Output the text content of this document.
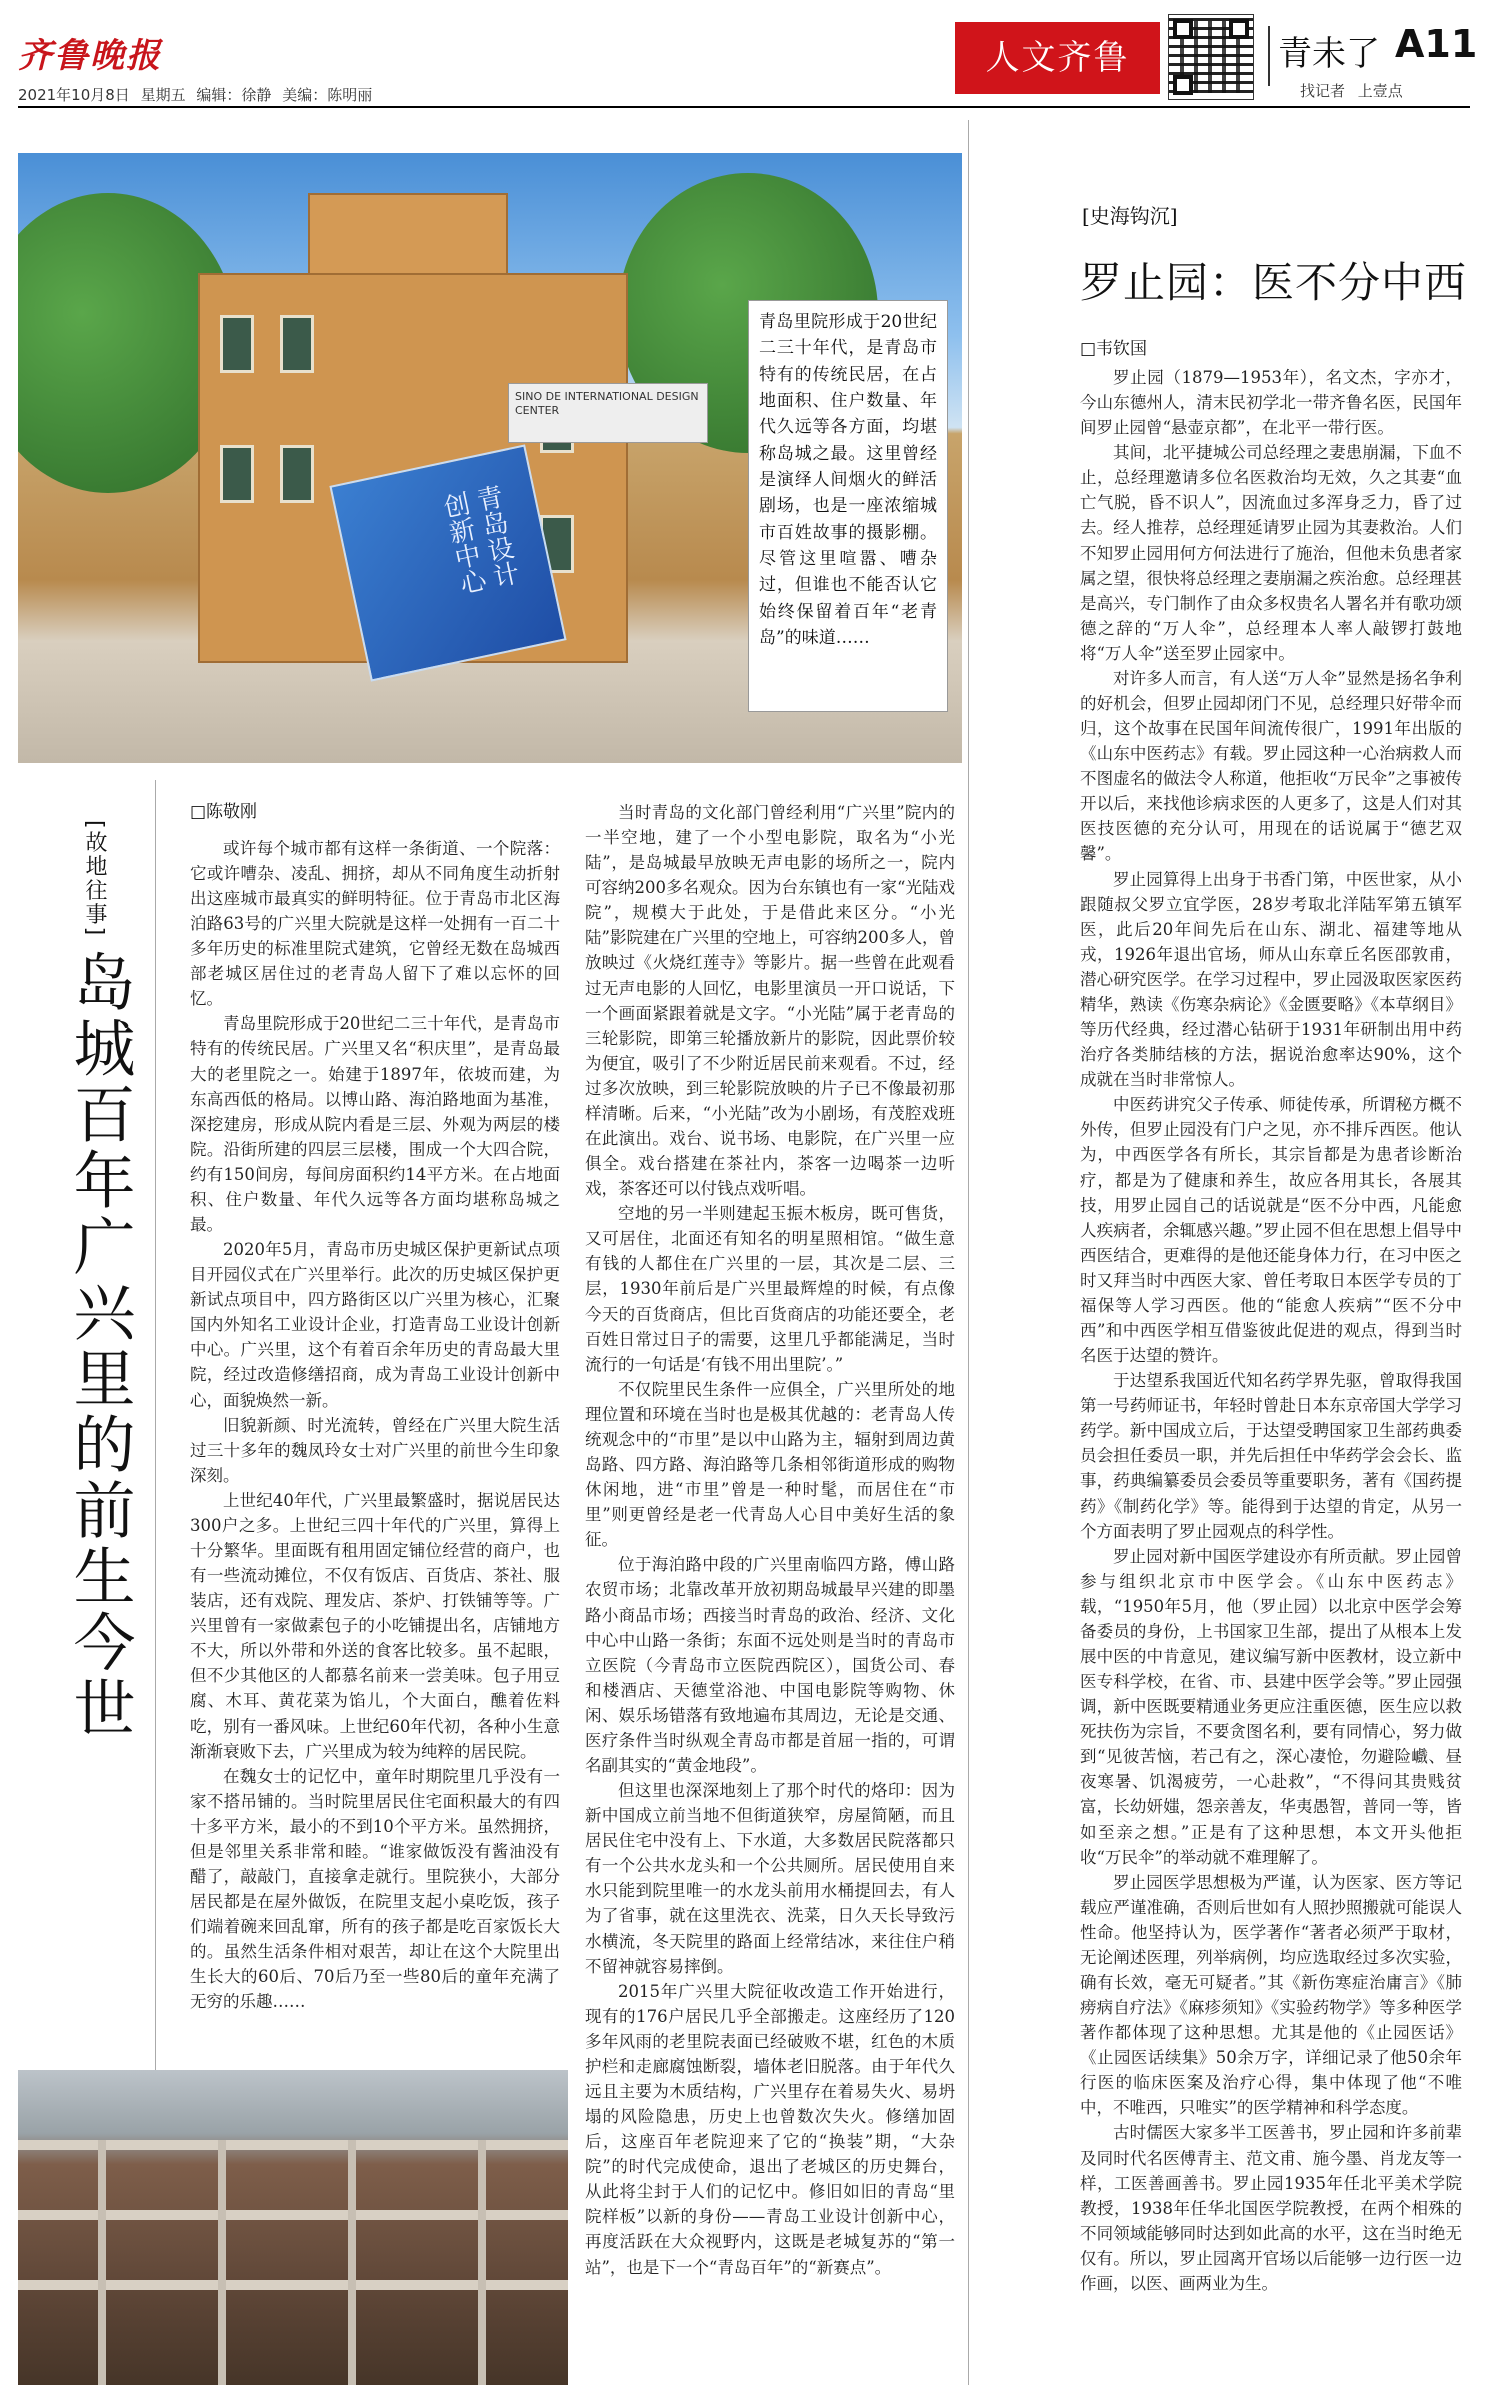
齐鲁晚报
2021年10月8日 星期五 编辑：徐静 美编：陈明丽
人文齐鲁	青未了 A11
找记者 上壹点
SINO DE INTERNATIONAL DESIGN CENTER
青岛设计 创新中心
青岛里院形成于20世纪二三十年代，是青岛市特有的传统民居，在占地面积、住户数量、年代久远等各方面，均堪称岛城之最。这里曾经是演绎人间烟火的鲜活剧场，也是一座浓缩城市百姓故事的摄影棚。尽管这里喧嚣、嘈杂过，但谁也不能否认它始终保留着百年“老青岛”的味道……
[故地往事]
岛城百年广兴里的前生今世
□陈敬刚

或许每个城市都有这样一条街道、一个院落：它或许嘈杂、凌乱、拥挤，却从不同角度生动折射出这座城市最真实的鲜明特征。位于青岛市北区海泊路63号的广兴里大院就是这样一处拥有一百二十多年历史的标准里院式建筑，它曾经无数在岛城西部老城区居住过的老青岛人留下了难以忘怀的回忆。

青岛里院形成于20世纪二三十年代，是青岛市特有的传统民居。广兴里又名“积庆里”，是青岛最大的老里院之一。始建于1897年，依坡而建，为东高西低的格局。以博山路、海泊路地面为基准，深挖建房，形成从院内看是三层、外观为两层的楼院。沿街所建的四层三层楼，围成一个大四合院，约有150间房，每间房面积约14平方米。在占地面积、住户数量、年代久远等各方面均堪称岛城之最。

2020年5月，青岛市历史城区保护更新试点项目开园仪式在广兴里举行。此次的历史城区保护更新试点项目中，四方路街区以广兴里为核心，汇聚国内外知名工业设计企业，打造青岛工业设计创新中心。广兴里，这个有着百余年历史的青岛最大里院，经过改造修缮招商，成为青岛工业设计创新中心，面貌焕然一新。

旧貌新颜、时光流转，曾经在广兴里大院生活过三十多年的魏凤玲女士对广兴里的前世今生印象深刻。

上世纪40年代，广兴里最繁盛时，据说居民达300户之多。上世纪三四十年代的广兴里，算得上十分繁华。里面既有租用固定铺位经营的商户，也有一些流动摊位，不仅有饭店、百货店、茶社、服装店，还有戏院、理发店、茶炉、打铁铺等等。广兴里曾有一家做素包子的小吃铺提出名，店铺地方不大，所以外带和外送的食客比较多。虽不起眼，但不少其他区的人都慕名前来一尝美味。包子用豆腐、木耳、黄花菜为馅儿，个大面白，醮着佐料吃，别有一番风味。上世纪60年代初，各种小生意渐渐衰败下去，广兴里成为较为纯粹的居民院。

在魏女士的记忆中，童年时期院里几乎没有一家不搭吊铺的。当时院里居民住宅面积最大的有四十多平方米，最小的不到10个平方米。虽然拥挤，但是邻里关系非常和睦。“谁家做饭没有酱油没有醋了，敲敲门，直接拿走就行。里院狭小，大部分居民都是在屋外做饭，在院里支起小桌吃饭，孩子们端着碗来回乱窜，所有的孩子都是吃百家饭长大的。虽然生活条件相对艰苦，却让在这个大院里出生长大的60后、70后乃至一些80后的童年充满了无穷的乐趣……

当时青岛的文化部门曾经利用“广兴里”院内的一半空地，建了一个小型电影院，取名为“小光陆”，是岛城最早放映无声电影的场所之一，院内可容纳200多名观众。因为台东镇也有一家“光陆戏院”，规模大于此处，于是借此来区分。“小光陆”影院建在广兴里的空地上，可容纳200多人，曾放映过《火烧红莲寺》等影片。据一些曾在此观看过无声电影的人回忆，电影里演员一开口说话，下一个画面紧跟着就是文字。“小光陆”属于老青岛的三轮影院，即第三轮播放新片的影院，因此票价较为便宜，吸引了不少附近居民前来观看。不过，经过多次放映，到三轮影院放映的片子已不像最初那样清晰。后来，“小光陆”改为小剧场，有茂腔戏班在此演出。戏台、说书场、电影院，在广兴里一应俱全。戏台搭建在茶社内，茶客一边喝茶一边听戏，茶客还可以付钱点戏听唱。

空地的另一半则建起玉振木板房，既可售货，又可居住，北面还有知名的明星照相馆。“做生意有钱的人都住在广兴里的一层，其次是二层、三层，1930年前后是广兴里最辉煌的时候，有点像今天的百货商店，但比百货商店的功能还要全，老百姓日常过日子的需要，这里几乎都能满足，当时流行的一句话是‘有钱不用出里院’。”

不仅院里民生条件一应俱全，广兴里所处的地理位置和环境在当时也是极其优越的：老青岛人传统观念中的“市里”是以中山路为主，辐射到周边黄岛路、四方路、海泊路等几条相邻街道形成的购物休闲地，进“市里”曾是一种时髦，而居住在“市里”则更曾经是老一代青岛人心目中美好生活的象征。

位于海泊路中段的广兴里南临四方路，傅山路农贸市场；北靠改革开放初期岛城最早兴建的即墨路小商品市场；西接当时青岛的政治、经济、文化中心中山路一条街；东面不远处则是当时的青岛市立医院（今青岛市立医院西院区），国货公司、春和楼酒店、天德堂浴池、中国电影院等购物、休闲、娱乐场错落有致地遍布其周边，无论是交通、医疗条件当时纵观全青岛市都是首屈一指的，可谓名副其实的“黄金地段”。

但这里也深深地刻上了那个时代的烙印：因为新中国成立前当地不但街道狭窄，房屋简陋，而且居民住宅中没有上、下水道，大多数居民院落都只有一个公共水龙头和一个公共厕所。居民使用自来水只能到院里唯一的水龙头前用水桶提回去，有人为了省事，就在这里洗衣、洗菜，日久天长导致污水横流，冬天院里的路面上经常结冰，来往住户稍不留神就容易摔倒。

2015年广兴里大院征收改造工作开始进行，现有的176户居民几乎全部搬走。这座经历了120多年风雨的老里院表面已经破败不堪，红色的木质护栏和走廊腐蚀断裂，墙体老旧脱落。由于年代久远且主要为木质结构，广兴里存在着易失火、易坍塌的风险隐患，历史上也曾数次失火。修缮加固后，这座百年老院迎来了它的“换装”期，“大杂院”的时代完成使命，退出了老城区的历史舞台，从此将尘封于人们的记忆中。修旧如旧的青岛“里院样板”以新的身份——青岛工业设计创新中心，再度活跃在大众视野内，这既是老城复苏的“第一站”，也是下一个“青岛百年”的“新赛点”。

[史海钩沉]
罗止园：医不分中西
□韦钦国

罗止园（1879—1953年），名文杰，字亦才，今山东德州人，清末民初学北一带齐鲁名医，民国年间罗止园曾“悬壶京都”，在北平一带行医。

其间，北平捷城公司总经理之妻患崩漏，下血不止，总经理邀请多位名医救治均无效，久之其妻“血亡气脱，昏不识人”，因流血过多浑身乏力，昏了过去。经人推荐，总经理延请罗止园为其妻救治。人们不知罗止园用何方何法进行了施治，但他未负患者家属之望，很快将总经理之妻崩漏之疾治愈。总经理甚是高兴，专门制作了由众多权贵名人署名并有歌功颂德之辞的“万人伞”，总经理本人率人敲锣打鼓地将“万人伞”送至罗止园家中。

对许多人而言，有人送“万人伞”显然是扬名争利的好机会，但罗止园却闭门不见，总经理只好带伞而归，这个故事在民国年间流传很广，1991年出版的《山东中医药志》有载。罗止园这种一心治病救人而不图虚名的做法令人称道，他拒收“万民伞”之事被传开以后，来找他诊病求医的人更多了，这是人们对其医技医德的充分认可，用现在的话说属于“德艺双馨”。

罗止园算得上出身于书香门第，中医世家，从小跟随叔父罗立宜学医，28岁考取北洋陆军第五镇军医，此后20年间先后在山东、湖北、福建等地从戎，1926年退出官场，师从山东章丘名医邵敦甫，潜心研究医学。在学习过程中，罗止园汲取医家医药精华，熟读《伤寒杂病论》《金匮要略》《本草纲目》等历代经典，经过潜心钻研于1931年研制出用中药治疗各类肺结核的方法，据说治愈率达90%，这个成就在当时非常惊人。

中医药讲究父子传承、师徒传承，所谓秘方概不外传，但罗止园没有门户之见，亦不排斥西医。他认为，中西医学各有所长，其宗旨都是为患者诊断治疗，都是为了健康和养生，故应各用其长，各展其技，用罗止园自己的话说就是“医不分中西，凡能愈人疾病者，余辄感兴趣。”罗止园不但在思想上倡导中西医结合，更难得的是他还能身体力行，在习中医之时又拜当时中西医大家、曾任考取日本医学专员的丁福保等人学习西医。他的“能愈人疾病”“医不分中西”和中西医学相互借鉴彼此促进的观点，得到当时名医于达望的赞许。

于达望系我国近代知名药学界先驱，曾取得我国第一号药师证书，年轻时曾赴日本东京帝国大学学习药学。新中国成立后，于达望受聘国家卫生部药典委员会担任委员一职，并先后担任中华药学会会长、监事，药典编纂委员会委员等重要职务，著有《国药提药》《制药化学》等。能得到于达望的肯定，从另一个方面表明了罗止园观点的科学性。

罗止园对新中国医学建设亦有所贡献。罗止园曾参与组织北京市中医学会。《山东中医药志》载，“1950年5月，他（罗止园）以北京中医学会筹备委员的身份，上书国家卫生部，提出了从根本上发展中医的中肯意见，建议编写新中医教材，设立新中医专科学校，在省、市、县建中医学会等。”罗止园强调，新中医既要精通业务更应注重医德，医生应以救死扶伤为宗旨，不要贪图名利，要有同情心，努力做到“见彼苦恼，若己有之，深心凄怆，勿避险巇、昼夜寒暑、饥渴疲劳，一心赴救”，“不得问其贵贱贫富，长幼妍媸，怨亲善友，华夷愚智，普同一等，皆如至亲之想。”正是有了这种思想，本文开头他拒收“万民伞”的举动就不难理解了。

罗止园医学思想极为严谨，认为医家、医方等记载应严谨准确，否则后世如有人照抄照搬就可能误人性命。他坚持认为，医学著作“著者必须严于取材，无论阐述医理，列举病例，均应选取经过多次实验，确有长效，毫无可疑者。”其《新伤寒症治庸言》《肺痨病自疗法》《麻疹须知》《实验药物学》等多种医学著作都体现了这种思想。尤其是他的《止园医话》《止园医话续集》50余万字，详细记录了他50余年行医的临床医案及治疗心得，集中体现了他“不唯中，不唯西，只唯实”的医学精神和科学态度。

古时儒医大家多半工医善书，罗止园和许多前辈及同时代名医傅青主、范文甫、施今墨、肖龙友等一样，工医善画善书。罗止园1935年任北平美术学院教授，1938年任华北国医学院教授，在两个相殊的不同领域能够同时达到如此高的水平，这在当时绝无仅有。所以，罗止园离开官场以后能够一边行医一边作画，以医、画两业为生。
